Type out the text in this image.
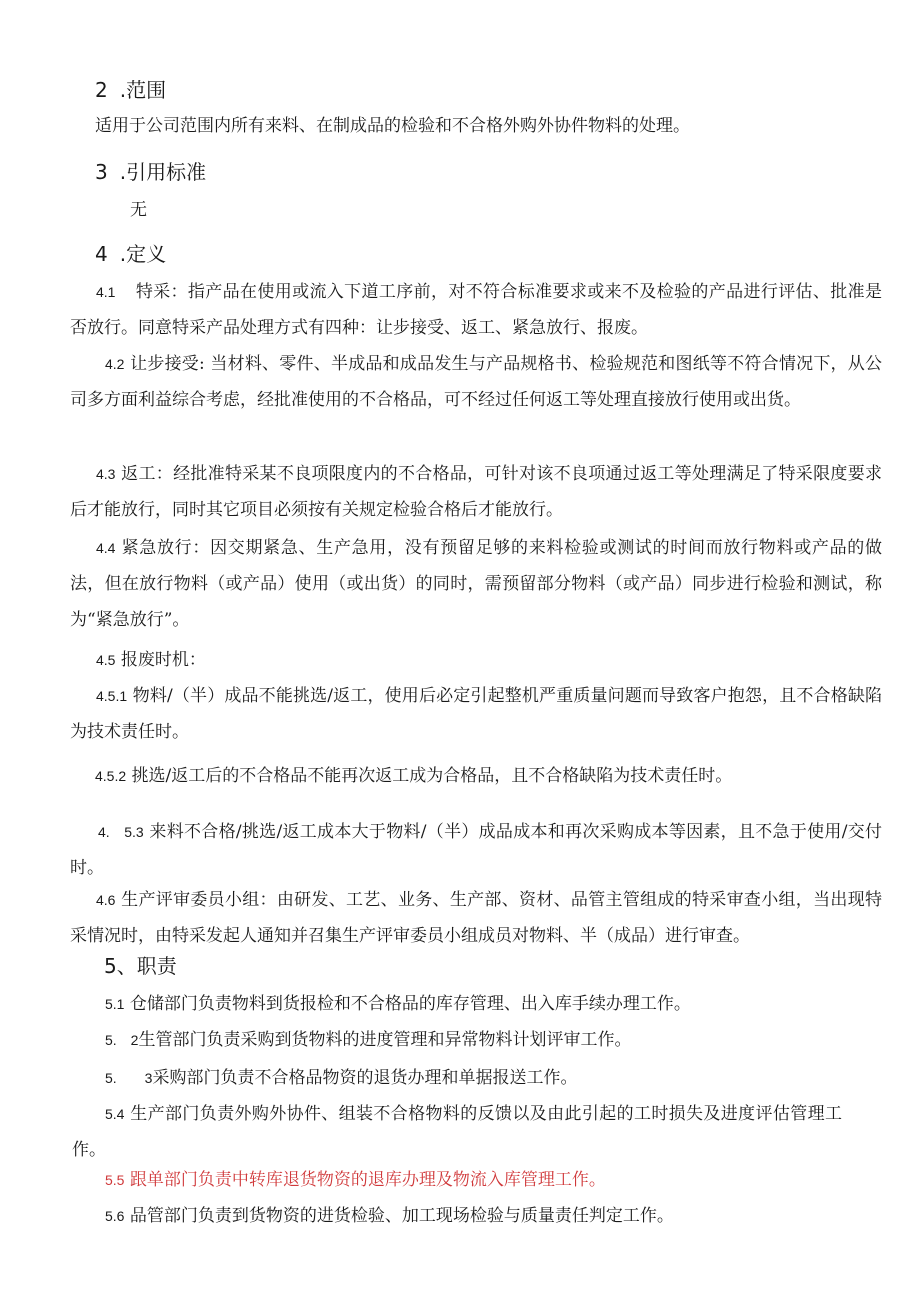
2 .范围
适用于公司范围内所有来料、在制成品的检验和不合格外购外协件物料的处理。
3 .引用标准
无
4 .定义
4.1 特采：指产品在使用或流入下道工序前，对不符合标准要求或来不及检验的产品进行评估、批准是否放行。同意特采产品处理方式有四种：让步接受、返工、紧急放行、报废。
4.2 让步接受: 当材料、零件、半成品和成品发生与产品规格书、检验规范和图纸等不符合情况下，从公司多方面利益综合考虑，经批准使用的不合格品，可不经过任何返工等处理直接放行使用或出货。
4.3 返工：经批准特采某不良项限度内的不合格品，可针对该不良项通过返工等处理满足了特采限度要求后才能放行，同时其它项目必须按有关规定检验合格后才能放行。
4.4 紧急放行：因交期紧急、生产急用，没有预留足够的来料检验或测试的时间而放行物料或产品的做法，但在放行物料（或产品）使用（或出货）的同时，需预留部分物料（或产品）同步进行检验和测试，称为“紧急放行”。
4.5 报废时机：
4.5.1 物料/（半）成品不能挑选/返工，使用后必定引起整机严重质量问题而导致客户抱怨，且不合格缺陷为技术责任时。
4.5.2 挑选/返工后的不合格品不能再次返工成为合格品，且不合格缺陷为技术责任时。
4.　5.3 来料不合格/挑选/返工成本大于物料/（半）成品成本和再次采购成本等因素，且不急于使用/交付时。
4.6 生产评审委员小组：由研发、工艺、业务、生产部、资材、品管主管组成的特采审查小组，当出现特采情况时，由特采发起人通知并召集生产评审委员小组成员对物料、半（成品）进行审查。
5、职责
5.1 仓储部门负责物料到货报检和不合格品的库存管理、出入库手续办理工作。
5.　2生管部门负责采购到货物料的进度管理和异常物料计划评审工作。
5.　　3采购部门负责不合格品物资的退货办理和单据报送工作。
5.4 生产部门负责外购外协件、组装不合格物料的反馈以及由此引起的工时损失及进度评估管理工作。
5.5 跟单部门负责中转库退货物资的退库办理及物流入库管理工作。
5.6 品管部门负责到货物资的进货检验、加工现场检验与质量责任判定工作。
